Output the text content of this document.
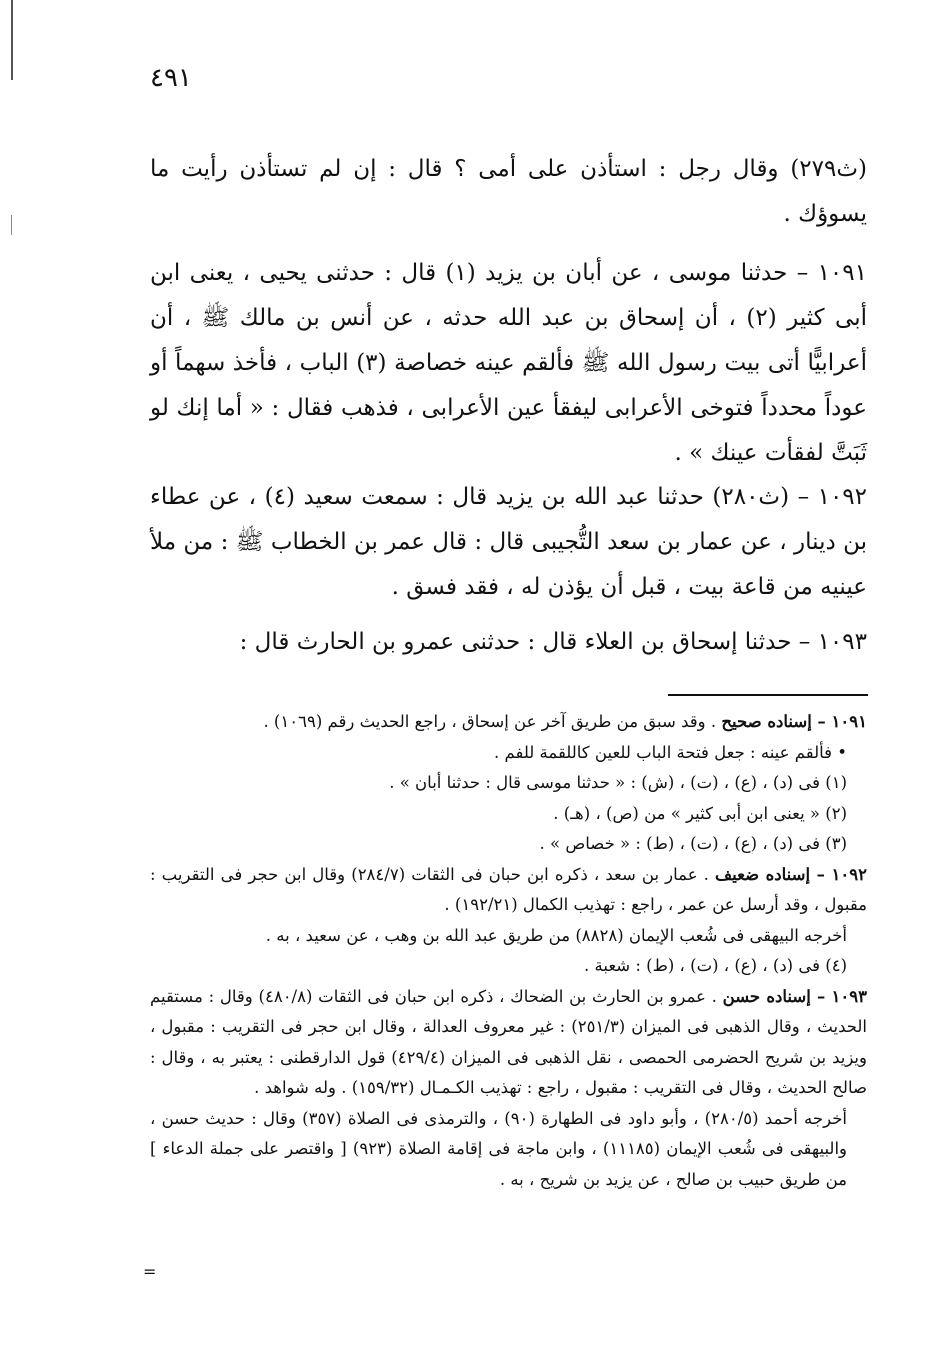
٤٩١

(ث٢٧٩) وقال رجل : استأذن على أمى ؟ قال : إن لم تستأذن رأيت ما يسوؤك .

١٠٩١ – حدثنا موسى ، عن أبان بن يزيد (١) قال : حدثنى يحيى ، يعنى ابن أبى كثير (٢) ، أن إسحاق بن عبد الله حدثه ، عن أنس بن مالك ﷺ ، أن أعرابيًّا أتى بيت رسول الله ﷺ فألقم عينه خصاصة (٣) الباب ، فأخذ سهماً أو عوداً محدداً فتوخى الأعرابى ليفقأ عين الأعرابى ، فذهب فقال : « أما إنك لو ثَبَتَّ لفقأت عينك » .

١٠٩٢ – (ث٢٨٠) حدثنا عبد الله بن يزيد قال : سمعت سعيد (٤) ، عن عطاء بن دينار ، عن عمار بن سعد التُّجيبى قال : قال عمر بن الخطاب ﷺ : من ملأ عينيه من قاعة بيت ، قبل أن يؤذن له ، فقد فسق .

١٠٩٣ – حدثنا إسحاق بن العلاء قال : حدثنى عمرو بن الحارث قال :

١٠٩١ – إسناده صحيح . وقد سبق من طريق آخر عن إسحاق ، راجع الحديث رقم (١٠٦٩) .

• فألقم عينه : جعل فتحة الباب للعين كاللقمة للفم .

(١) فى (د) ، (ع) ، (ت) ، (ش) : « حدثنا موسى قال : حدثنا أبان » .

(٢) « يعنى ابن أبى كثير » من (ص) ، (هـ) .

(٣) فى (د) ، (ع) ، (ت) ، (ط) : « خصاص » .

١٠٩٢ – إسناده ضعيف . عمار بن سعد ، ذكره ابن حبان فى الثقات (٢٨٤/٧) وقال ابن حجر فى التقريب : مقبول ، وقد أرسل عن عمر ، راجع : تهذيب الكمال (١٩٢/٢١) .

أخرجه البيهقى فى شُعب الإيمان (٨٨٢٨) من طريق عبد الله بن وهب ، عن سعيد ، به .

(٤) فى (د) ، (ع) ، (ت) ، (ط) : شعبة .

١٠٩٣ – إسناده حسن . عمرو بن الحارث بن الضحاك ، ذكره ابن حبان فى الثقات (٤٨٠/٨) وقال : مستقيم الحديث ، وقال الذهبى فى الميزان (٢٥١/٣) : غير معروف العدالة ، وقال ابن حجر فى التقريب : مقبول ، ويزيد بن شريح الحضرمى الحمصى ، نقل الذهبى فى الميزان (٤٢٩/٤) قول الدارقطنى : يعتبر به ، وقال : صالح الحديث ، وقال فى التقريب : مقبول ، راجع : تهذيب الكـمـال (١٥٩/٣٢) . وله شواهد .

أخرجه أحمد (٢٨٠/٥) ، وأبو داود فى الطهارة (٩٠) ، والترمذى فى الصلاة (٣٥٧) وقال : حديث حسن ، والبيهقى فى شُعب الإيمان (١١١٨٥) ، وابن ماجة فى إقامة الصلاة (٩٢٣) [ واقتصر على جملة الدعاء ] من طريق حبيب بن صالح ، عن يزيد بن شريح ، به .

=
